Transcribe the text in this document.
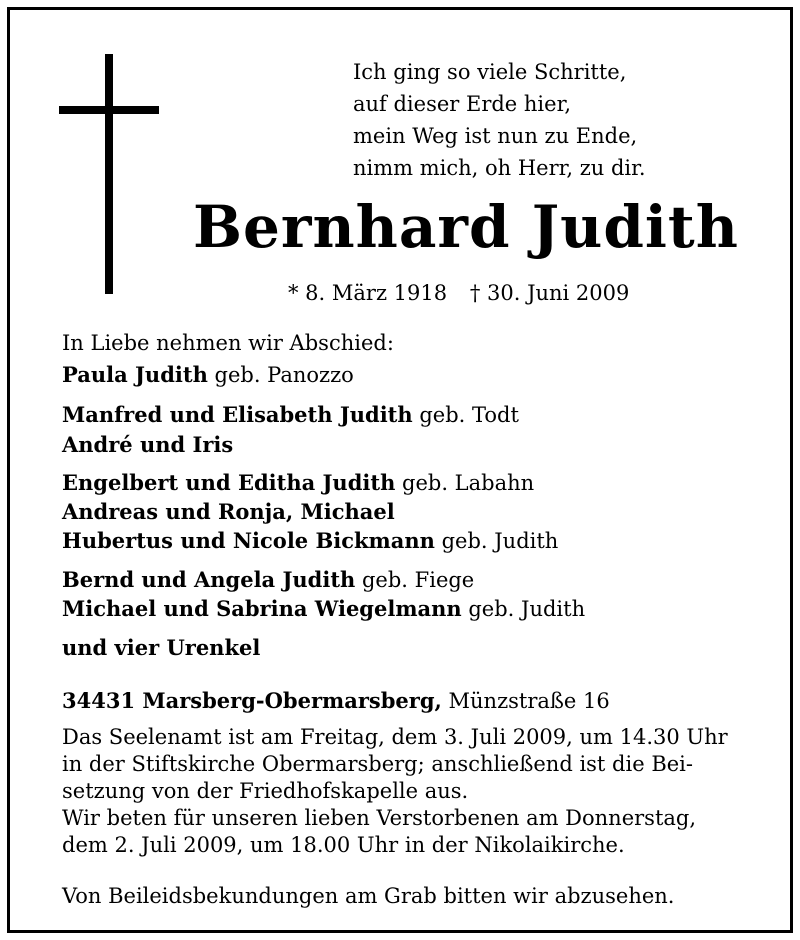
Ich ging so viele Schritte,
auf dieser Erde hier,
mein Weg ist nun zu Ende,
nimm mich, oh Herr, zu dir.
Bernhard Judith
* 8. März 1918 † 30. Juni 2009
In Liebe nehmen wir Abschied:
Paula Judith geb. Panozzo
Manfred und Elisabeth Judith geb. Todt
André und Iris
Engelbert und Editha Judith geb. Labahn
Andreas und Ronja, Michael
Hubertus und Nicole Bickmann geb. Judith
Bernd und Angela Judith geb. Fiege
Michael und Sabrina Wiegelmann geb. Judith
und vier Urenkel
34431 Marsberg-Obermarsberg, Münzstraße 16
Das Seelenamt ist am Freitag, dem 3. Juli 2009, um 14.30 Uhr
in der Stiftskirche Obermarsberg; anschließend ist die Bei-
setzung von der Friedhofskapelle aus.
Wir beten für unseren lieben Verstorbenen am Donnerstag,
dem 2. Juli 2009, um 18.00 Uhr in der Nikolaikirche.
Von Beileidsbekundungen am Grab bitten wir abzusehen.
